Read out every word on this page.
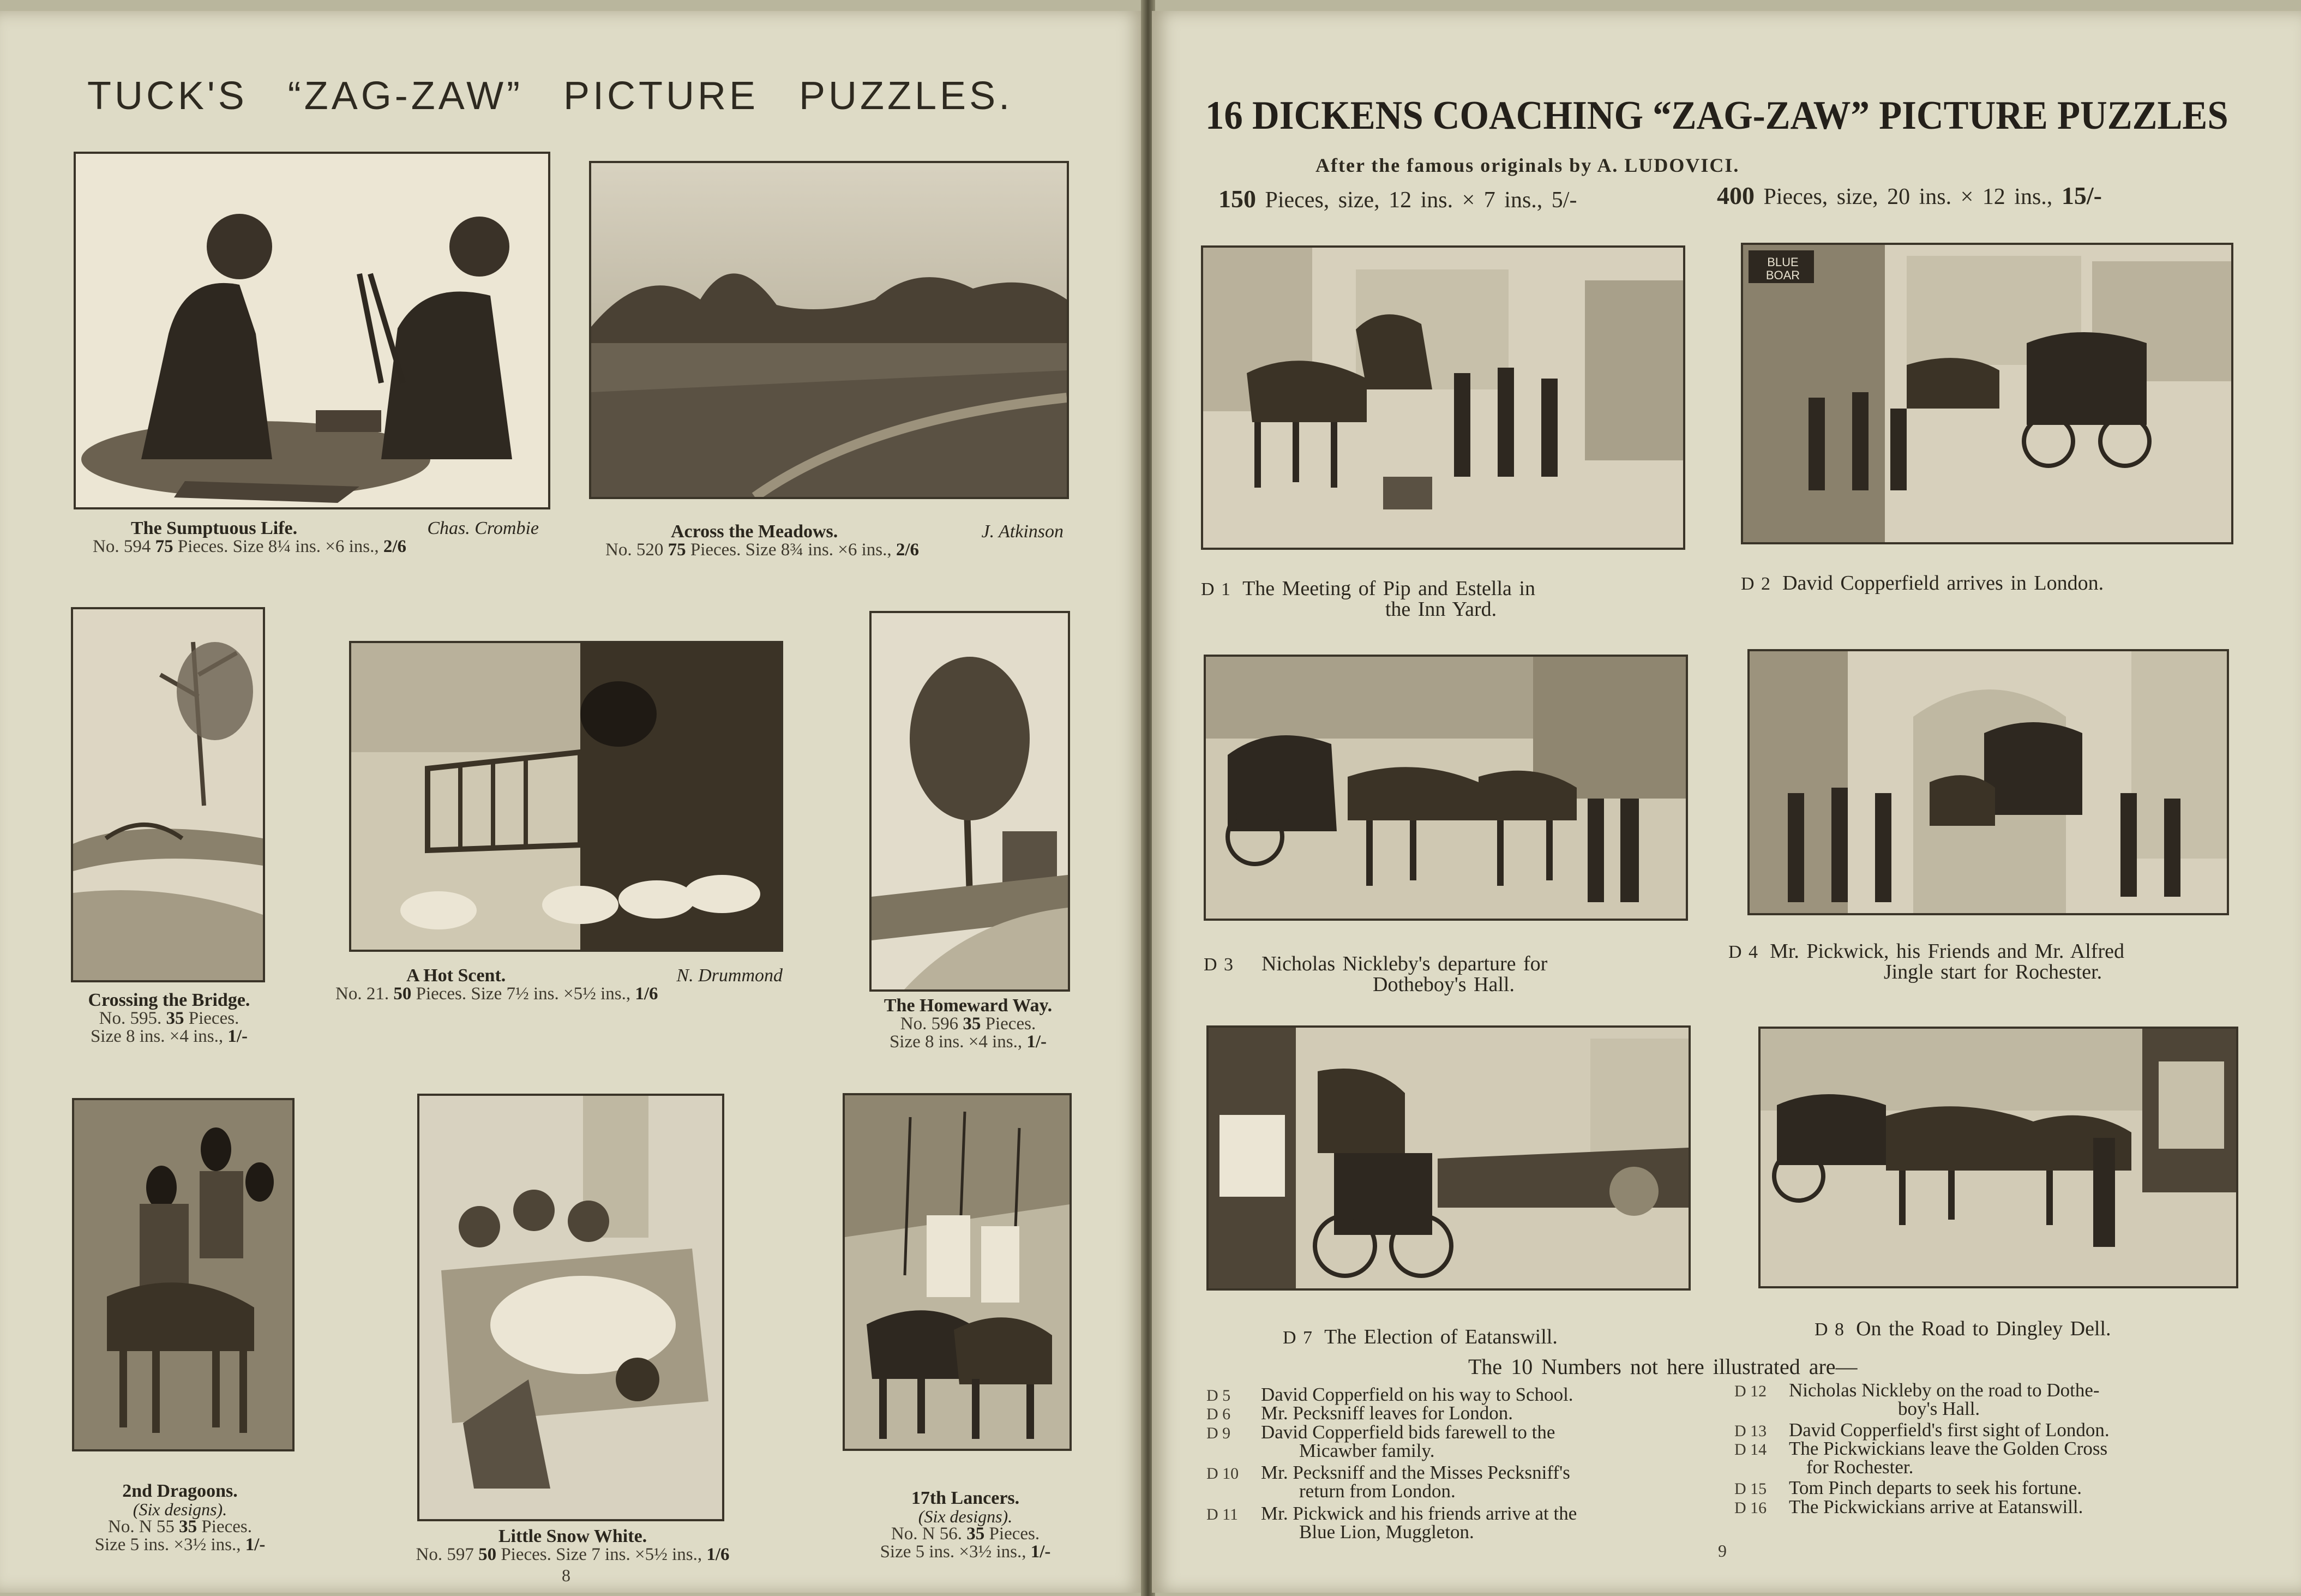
TUCK'S “ZAG-ZAW” PICTURE PUZZLES.
The Sumptuous Life.	Chas. Crombie
No. 594 75 Pieces. Size 8¼ ins. ×6 ins., 2/6
Across the Meadows.	J. Atkinson
No. 520 75 Pieces. Size 8¾ ins. ×6 ins., 2/6
Crossing the Bridge.
No. 595. 35 Pieces.
Size 8 ins. ×4 ins., 1/-
A Hot Scent.	N. Drummond
No. 21. 50 Pieces. Size 7½ ins. ×5½ ins., 1/6
The Homeward Way.
No. 596 35 Pieces.
Size 8 ins. ×4 ins., 1/-
2nd Dragoons.
(Six designs).
No. N 55 35 Pieces.
Size 5 ins. ×3½ ins., 1/-	Little Snow White.
No. 597 50 Pieces. Size 7 ins. ×5½ ins., 1/6
17th Lancers.
(Six designs).
No. N 56. 35 Pieces.
Size 5 ins. ×3½ ins., 1/-
8
16 DICKENS COACHING “ZAG-ZAW” PICTURE PUZZLES
After the famous originals by A. LUDOVICI.
150 Pieces, size, 12 ins. × 7 ins., 5/-	400 Pieces, size, 20 ins. × 12 ins., 15/-
D 1 The Meeting of Pip and Estella in
the Inn Yard.
BLUE BOAR
D 2 David Copperfield arrives in London.
D 3 Nicholas Nickleby's departure for
Dotheboy's Hall.
D 4 Mr. Pickwick, his Friends and Mr. Alfred
Jingle start for Rochester.
D 7 The Election of Eatanswill.	D 8 On the Road to Dingley Dell.
The 10 Numbers not here illustrated are—
D 5	David Copperfield on his way to School.
D 6	Mr. Pecksniff leaves for London.
D 9	David Copperfield bids farewell to the
Micawber family.
D 10	Mr. Pecksniff and the Misses Pecksniff's
return from London.
D 11	Mr. Pickwick and his friends arrive at the
Blue Lion, Muggleton.
D 12	Nicholas Nickleby on the road to Dothe-
boy's Hall.
D 13	David Copperfield's first sight of London.
D 14	The Pickwickians leave the Golden Cross
for Rochester.
D 15	Tom Pinch departs to seek his fortune.
D 16	The Pickwickians arrive at Eatanswill.
9
